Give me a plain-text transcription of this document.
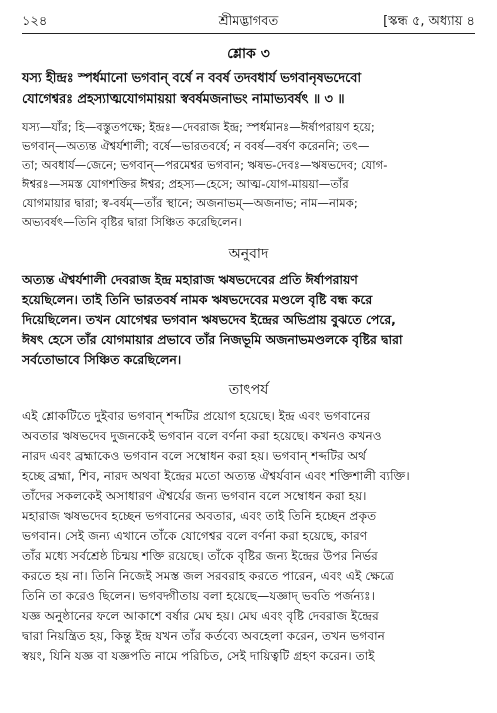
১২৪	শ্রীমদ্ভাগবত	[স্কন্ধ ৫, অধ্যায় ৪
শ্লোক ৩
যস্য হীন্দ্রঃ স্পর্ধমানো ভগবান্ বর্ষে ন ববর্ষ তদবধার্য ভগবানৃষভদেবো
যোগেশ্বরঃ প্রহস্যাত্মযোগমায়য়া স্ববর্ষমজনাভং নামাভ্যবর্ষৎ ॥ ৩ ॥
যস্য—যাঁর; হি—বস্তুতপক্ষে; ইন্দ্রঃ—দেবরাজ ইন্দ্র; স্পর্ধমানঃ—ঈর্ষাপরায়ণ হয়ে;
ভগবান্—অত্যন্ত ঐশ্বর্যশালী; বর্ষে—ভারতবর্ষে; ন ববর্ষ—বর্ষণ করেননি; তৎ—
তা; অবধার্য—জেনে; ভগবান্—পরমেশ্বর ভগবান; ঋষভ-দেবঃ—ঋষভদেব; যোগ-
ঈশ্বরঃ—সমস্ত যোগশক্তির ঈশ্বর; প্রহস্য—হেসে; আত্ম-যোগ-মায়য়া—তাঁর
যোগমায়ার দ্বারা; স্ব-বর্ষম্—তাঁর স্থানে; অজনাভম্—অজনাভ; নাম—নামক;
অভ্যবর্ষৎ—তিনি বৃষ্টির দ্বারা সিঞ্চিত করেছিলেন।
অনুবাদ
অত্যন্ত ঐশ্বর্যশালী দেবরাজ ইন্দ্র মহারাজ ঋষভদেবের প্রতি ঈর্ষাপরায়ণ
হয়েছিলেন। তাই তিনি ভারতবর্ষ নামক ঋষভদেবের মণ্ডলে বৃষ্টি বন্ধ করে
দিয়েছিলেন। তখন যোগেশ্বর ভগবান ঋষভদেব ইন্দ্রের অভিপ্রায় বুঝতে পেরে,
ঈষৎ হেসে তাঁর যোগমায়ার প্রভাবে তাঁর নিজভূমি অজনাভমণ্ডলকে বৃষ্টির দ্বারা
সর্বতোভাবে সিঞ্চিত করেছিলেন।
তাৎপর্য
এই শ্লোকটিতে দুইবার ভগবান্ শব্দটির প্রয়োগ হয়েছে। ইন্দ্র এবং ভগবানের
অবতার ঋষভদেব দুজনকেই ভগবান বলে বর্ণনা করা হয়েছে। কখনও কখনও
নারদ এবং ব্রহ্মাকেও ভগবান বলে সম্বোধন করা হয়। ভগবান্ শব্দটির অর্থ
হচ্ছে ব্রহ্মা, শিব, নারদ অথবা ইন্দ্রের মতো অত্যন্ত ঐশ্বর্যবান এবং শক্তিশালী ব্যক্তি।
তাঁদের সকলকেই অসাধারণ ঐশ্বর্যের জন্য ভগবান বলে সম্বোধন করা হয়।
মহারাজ ঋষভদেব হচ্ছেন ভগবানের অবতার, এবং তাই তিনি হচ্ছেন প্রকৃত
ভগবান। সেই জন্য এখানে তাঁকে যোগেশ্বর বলে বর্ণনা করা হয়েছে, কারণ
তাঁর মধ্যে সর্বশ্রেষ্ঠ চিন্ময় শক্তি রয়েছে। তাঁকে বৃষ্টির জন্য ইন্দ্রের উপর নির্ভর
করতে হয় না। তিনি নিজেই সমস্ত জল সরবরাহ করতে পারেন, এবং এই ক্ষেত্রে
তিনি তা করেও ছিলেন। ভগবদ্গীতায় বলা হয়েছে—যজ্ঞাদ্ ভবতি পর্জন্যঃ।
যজ্ঞ অনুষ্ঠানের ফলে আকাশে বর্ষার মেঘ হয়। মেঘ এবং বৃষ্টি দেবরাজ ইন্দ্রের
দ্বারা নিয়ন্ত্রিত হয়, কিন্তু ইন্দ্র যখন তাঁর কর্তব্যে অবহেলা করেন, তখন ভগবান
স্বয়ং, যিনি যজ্ঞ বা যজ্ঞপতি নামে পরিচিত, সেই দায়িত্বটি গ্রহণ করেন। তাই
